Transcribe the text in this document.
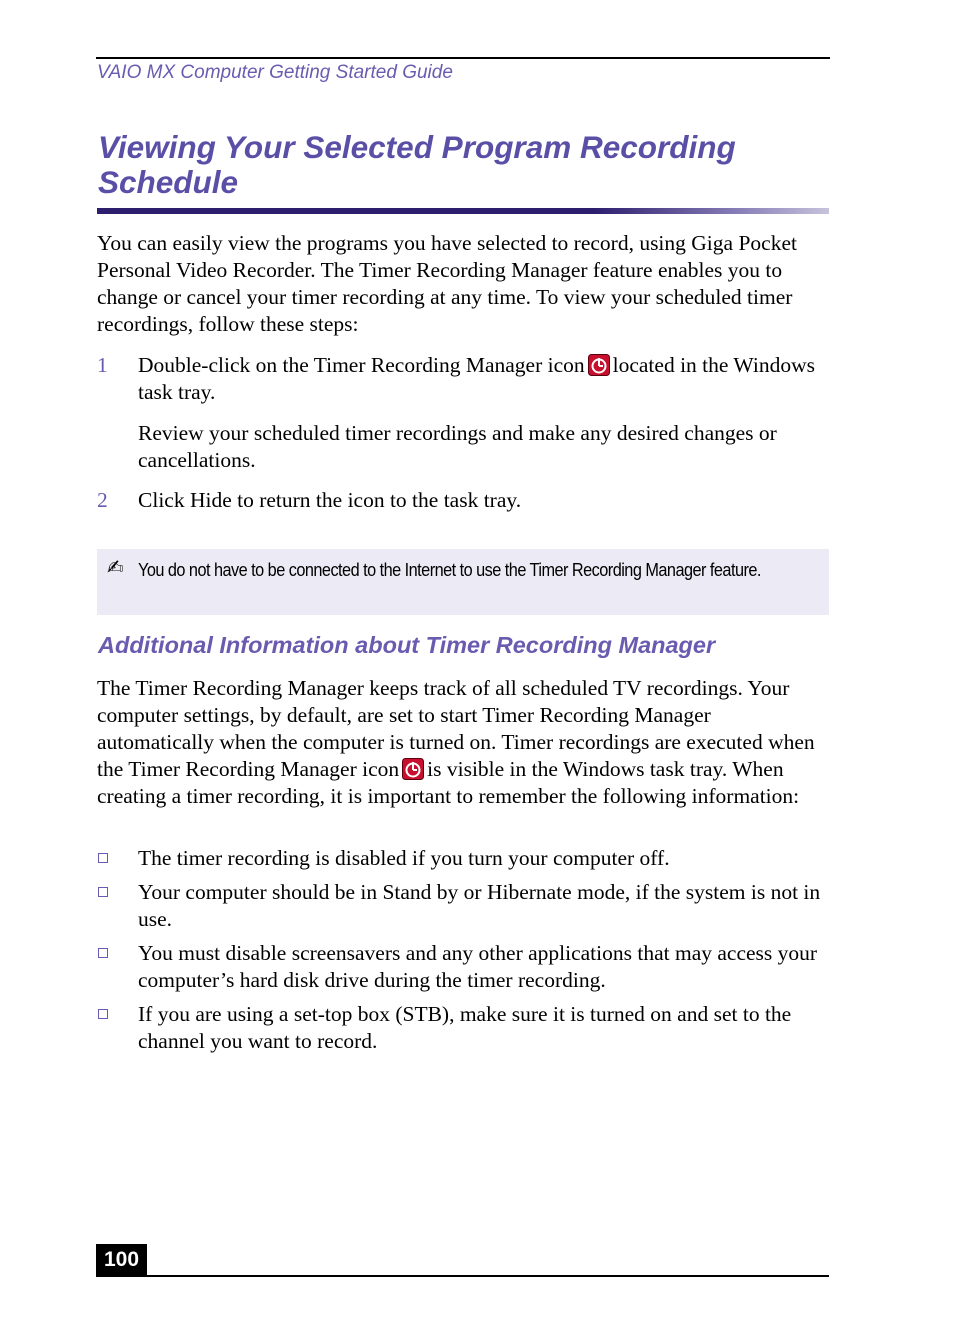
VAIO MX Computer Getting Started Guide
Viewing Your Selected Program Recording Schedule
You can easily view the programs you have selected to record, using Giga Pocket Personal Video Recorder. The Timer Recording Manager feature enables you to change or cancel your timer recording at any time. To view your scheduled timer recordings, follow these steps:
1 Double-click on the Timer Recording Manager icon located in the Windows task tray.
Review your scheduled timer recordings and make any desired changes or cancellations.
2 Click Hide to return the icon to the task tray.
✍ You do not have to be connected to the Internet to use the Timer Recording Manager feature.
Additional Information about Timer Recording Manager
The Timer Recording Manager keeps track of all scheduled TV recordings. Your computer settings, by default, are set to start Timer Recording Manager automatically when the computer is turned on. Timer recordings are executed when the Timer Recording Manager icon is visible in the Windows task tray. When creating a timer recording, it is important to remember the following information:
The timer recording is disabled if you turn your computer off.
Your computer should be in Stand by or Hibernate mode, if the system is not in use.
You must disable screensavers and any other applications that may access your computer’s hard disk drive during the timer recording.
If you are using a set-top box (STB), make sure it is turned on and set to the channel you want to record.
100
